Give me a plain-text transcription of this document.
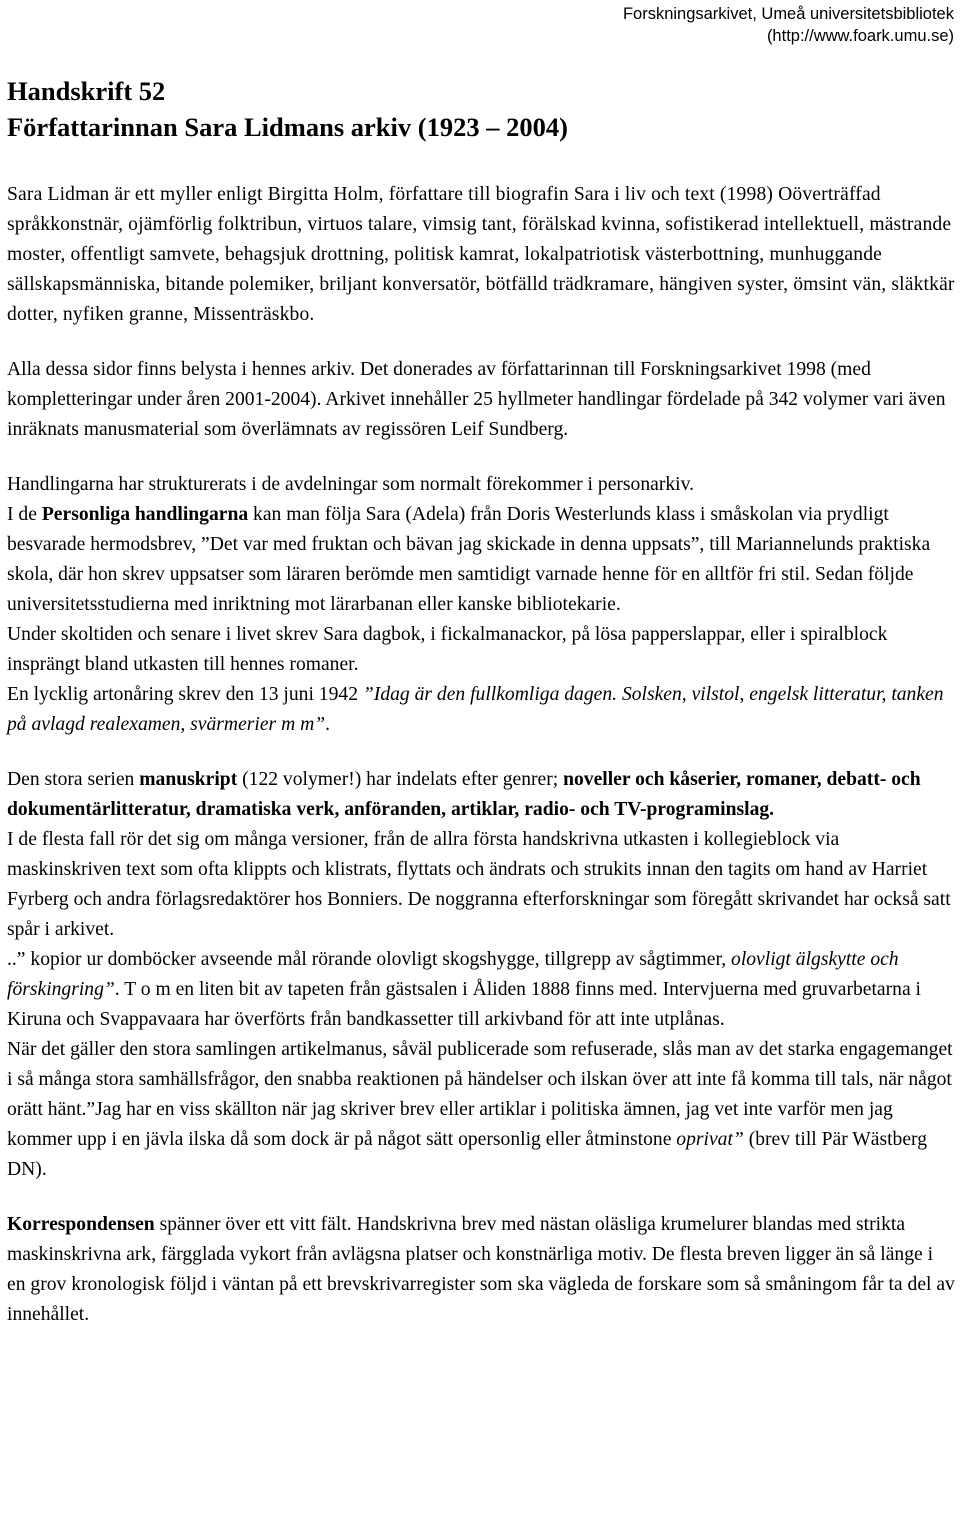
Forskningsarkivet, Umeå universitetsbibliotek
(http://www.foark.umu.se)
Handskrift 52
Författarinnan Sara Lidmans arkiv (1923 – 2004)

Sara Lidman är ett myller enligt Birgitta Holm, författare till biografin Sara i liv och text (1998) Oöverträffad språkkonstnär, ojämförlig folktribun, virtuos talare, vimsig tant, förälskad kvinna, sofistikerad intellektuell, mästrande moster, offentligt samvete, behagsjuk drottning, politisk kamrat, lokalpatriotisk västerbottning, munhuggande sällskapsmänniska, bitande polemiker, briljant konversatör, bötfälld trädkramare, hängiven syster, ömsint vän, släktkär dotter, nyfiken granne, Missenträskbo.

Alla dessa sidor finns belysta i hennes arkiv. Det donerades av författarinnan till Forskningsarkivet 1998 (med kompletteringar under åren 2001-2004). Arkivet innehåller 25 hyllmeter handlingar fördelade på 342 volymer vari även inräknats manusmaterial som överlämnats av regissören Leif Sundberg.

Handlingarna har strukturerats i de avdelningar som normalt förekommer i personarkiv.

I de Personliga handlingarna kan man följa Sara (Adela) från Doris Westerlunds klass i småskolan via prydligt besvarade hermodsbrev, ”Det var med fruktan och bävan jag skickade in denna uppsats”, till Mariannelunds praktiska skola, där hon skrev uppsatser som läraren berömde men samtidigt varnade henne för en alltför fri stil. Sedan följde universitetsstudierna med inriktning mot lärarbanan eller kanske bibliotekarie.

Under skoltiden och senare i livet skrev Sara dagbok, i fickalmanackor, på lösa papperslappar, eller i spiralblock insprängt bland utkasten till hennes romaner.

En lycklig artonåring skrev den 13 juni 1942 ”Idag är den fullkomliga dagen. Solsken, vilstol, engelsk litteratur, tanken på avlagd realexamen, svärmerier m m”.

Den stora serien manuskript (122 volymer!) har indelats efter genrer; noveller och kåserier, romaner, debatt- och dokumentärlitteratur, dramatiska verk, anföranden, artiklar, radio- och TV-programinslag.

I de flesta fall rör det sig om många versioner, från de allra första handskrivna utkasten i kollegieblock via maskinskriven text som ofta klippts och klistrats, flyttats och ändrats och strukits innan den tagits om hand av Harriet Fyrberg och andra förlagsredaktörer hos Bonniers. De noggranna efterforskningar som föregått skrivandet har också satt spår i arkivet.

..” kopior ur domböcker avseende mål rörande olovligt skogshygge, tillgrepp av sågtimmer, olovligt älgskytte och förskingring”. T o m en liten bit av tapeten från gästsalen i Åliden 1888 finns med. Intervjuerna med gruvarbetarna i Kiruna och Svappavaara har överförts från bandkassetter till arkivband för att inte utplånas.

När det gäller den stora samlingen artikelmanus, såväl publicerade som refuserade, slås man av det starka engagemanget i så många stora samhällsfrågor, den snabba reaktionen på händelser och ilskan över att inte få komma till tals, när något orätt hänt.”Jag har en viss skällton när jag skriver brev eller artiklar i politiska ämnen, jag vet inte varför men jag kommer upp i en jävla ilska då som dock är på något sätt opersonlig eller åtminstone oprivat” (brev till Pär Wästberg DN).

Korrespondensen spänner över ett vitt fält. Handskrivna brev med nästan oläsliga krumelurer blandas med strikta maskinskrivna ark, färgglada vykort från avlägsna platser och konstnärliga motiv. De flesta breven ligger än så länge i en grov kronologisk följd i väntan på ett brevskrivarregister som ska vägleda de forskare som så småningom får ta del av innehållet.
